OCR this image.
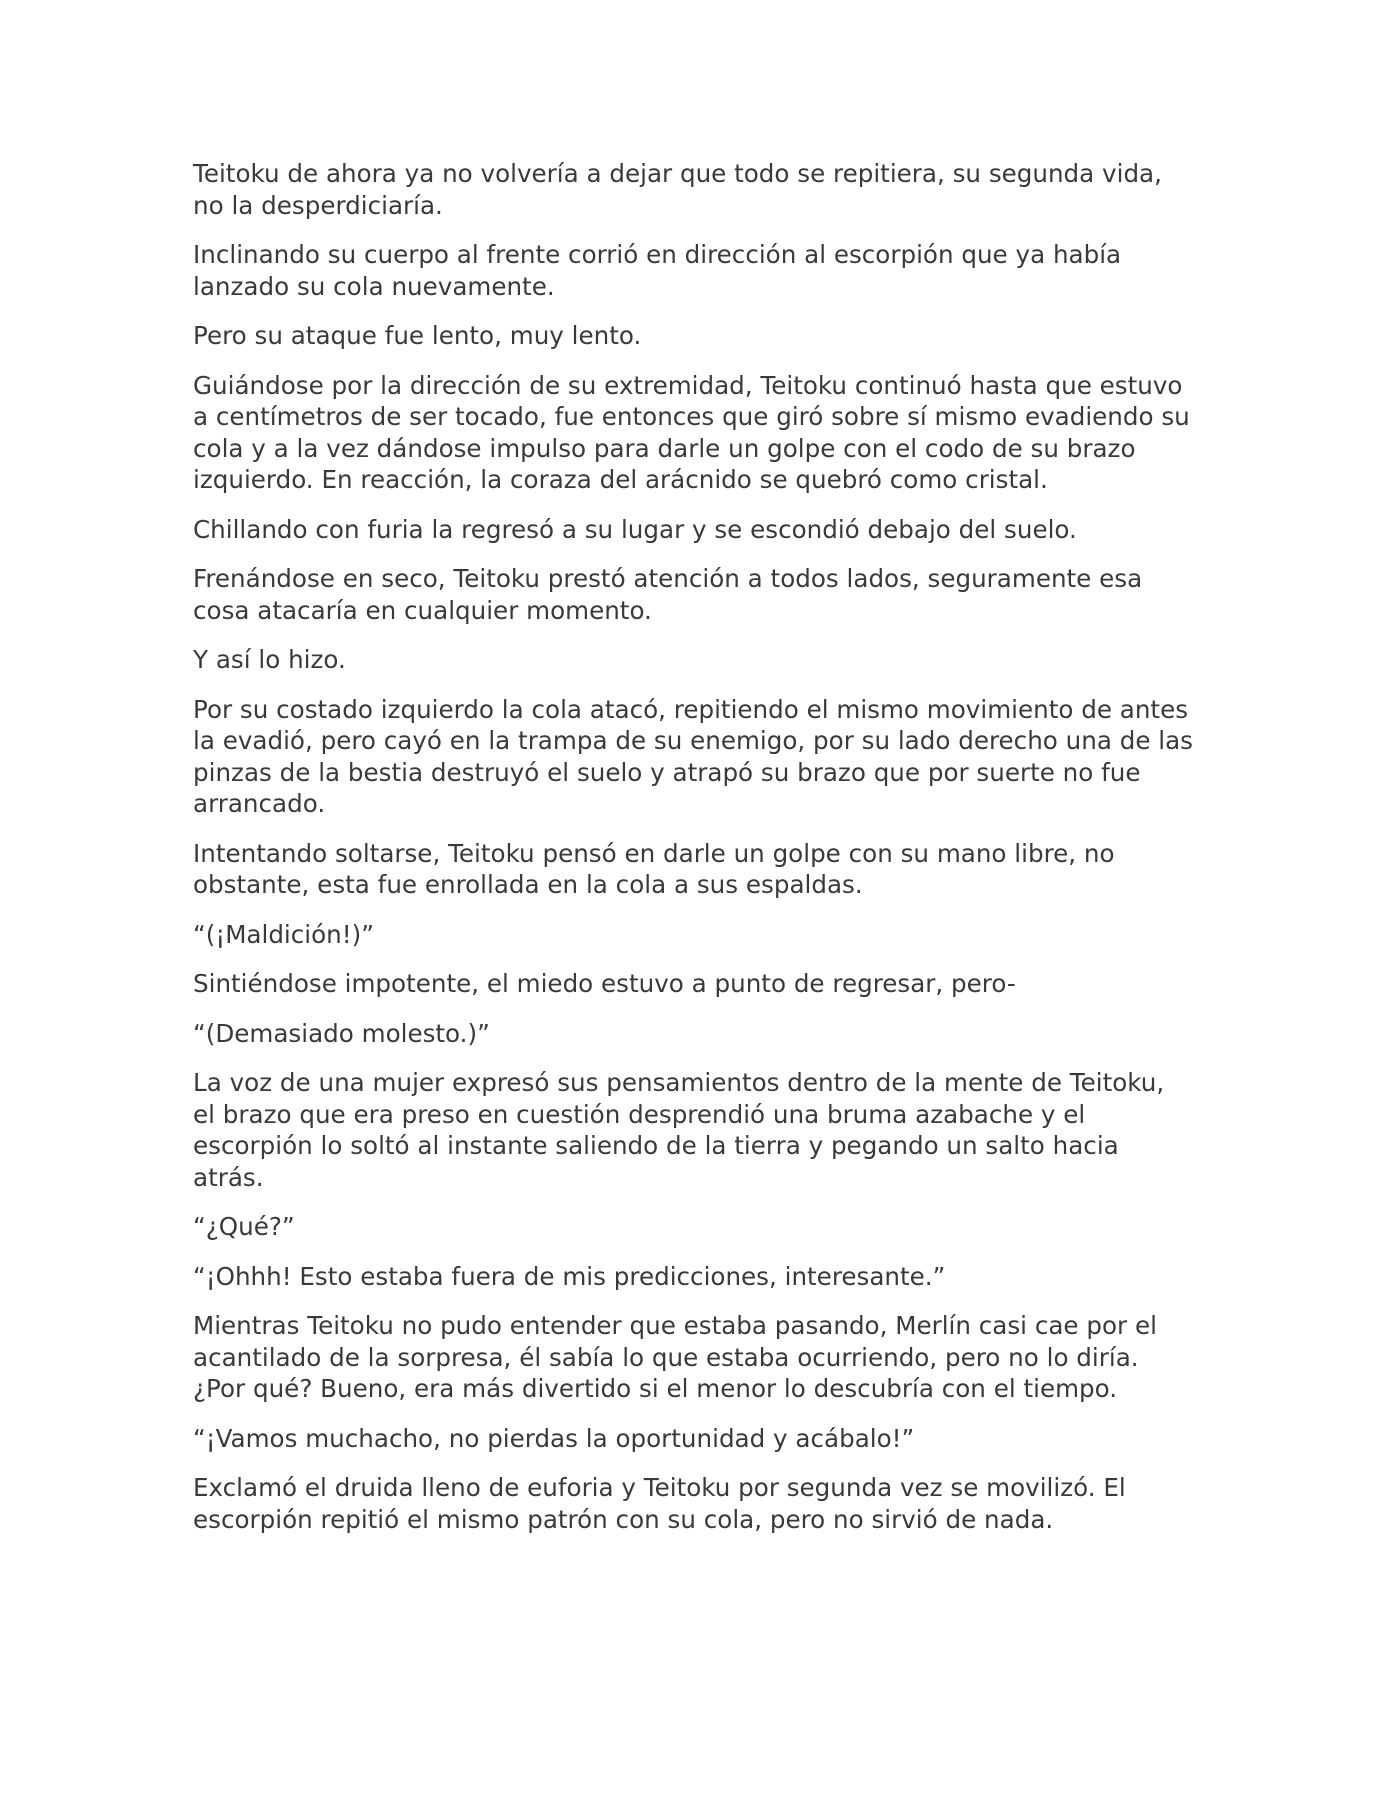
Teitoku de ahora ya no volvería a dejar que todo se repitiera, su segunda vida, no la desperdiciaría.

Inclinando su cuerpo al frente corrió en dirección al escorpión que ya había lanzado su cola nuevamente.

Pero su ataque fue lento, muy lento.

Guiándose por la dirección de su extremidad, Teitoku continuó hasta que estuvo a centímetros de ser tocado, fue entonces que giró sobre sí mismo evadiendo su cola y a la vez dándose impulso para darle un golpe con el codo de su brazo izquierdo. En reacción, la coraza del arácnido se quebró como cristal.

Chillando con furia la regresó a su lugar y se escondió debajo del suelo.

Frenándose en seco, Teitoku prestó atención a todos lados, seguramente esa cosa atacaría en cualquier momento.

Y así lo hizo.

Por su costado izquierdo la cola atacó, repitiendo el mismo movimiento de antes la evadió, pero cayó en la trampa de su enemigo, por su lado derecho una de las pinzas de la bestia destruyó el suelo y atrapó su brazo que por suerte no fue arrancado.

Intentando soltarse, Teitoku pensó en darle un golpe con su mano libre, no obstante, esta fue enrollada en la cola a sus espaldas.

“(¡Maldición!)”

Sintiéndose impotente, el miedo estuvo a punto de regresar, pero-

“(Demasiado molesto.)”

La voz de una mujer expresó sus pensamientos dentro de la mente de Teitoku, el brazo que era preso en cuestión desprendió una bruma azabache y el escorpión lo soltó al instante saliendo de la tierra y pegando un salto hacia atrás.

“¿Qué?”

“¡Ohhh! Esto estaba fuera de mis predicciones, interesante.”

Mientras Teitoku no pudo entender que estaba pasando, Merlín casi cae por el acantilado de la sorpresa, él sabía lo que estaba ocurriendo, pero no lo diría. ¿Por qué? Bueno, era más divertido si el menor lo descubría con el tiempo.

“¡Vamos muchacho, no pierdas la oportunidad y acábalo!”

Exclamó el druida lleno de euforia y Teitoku por segunda vez se movilizó. El escorpión repitió el mismo patrón con su cola, pero no sirvió de nada.
